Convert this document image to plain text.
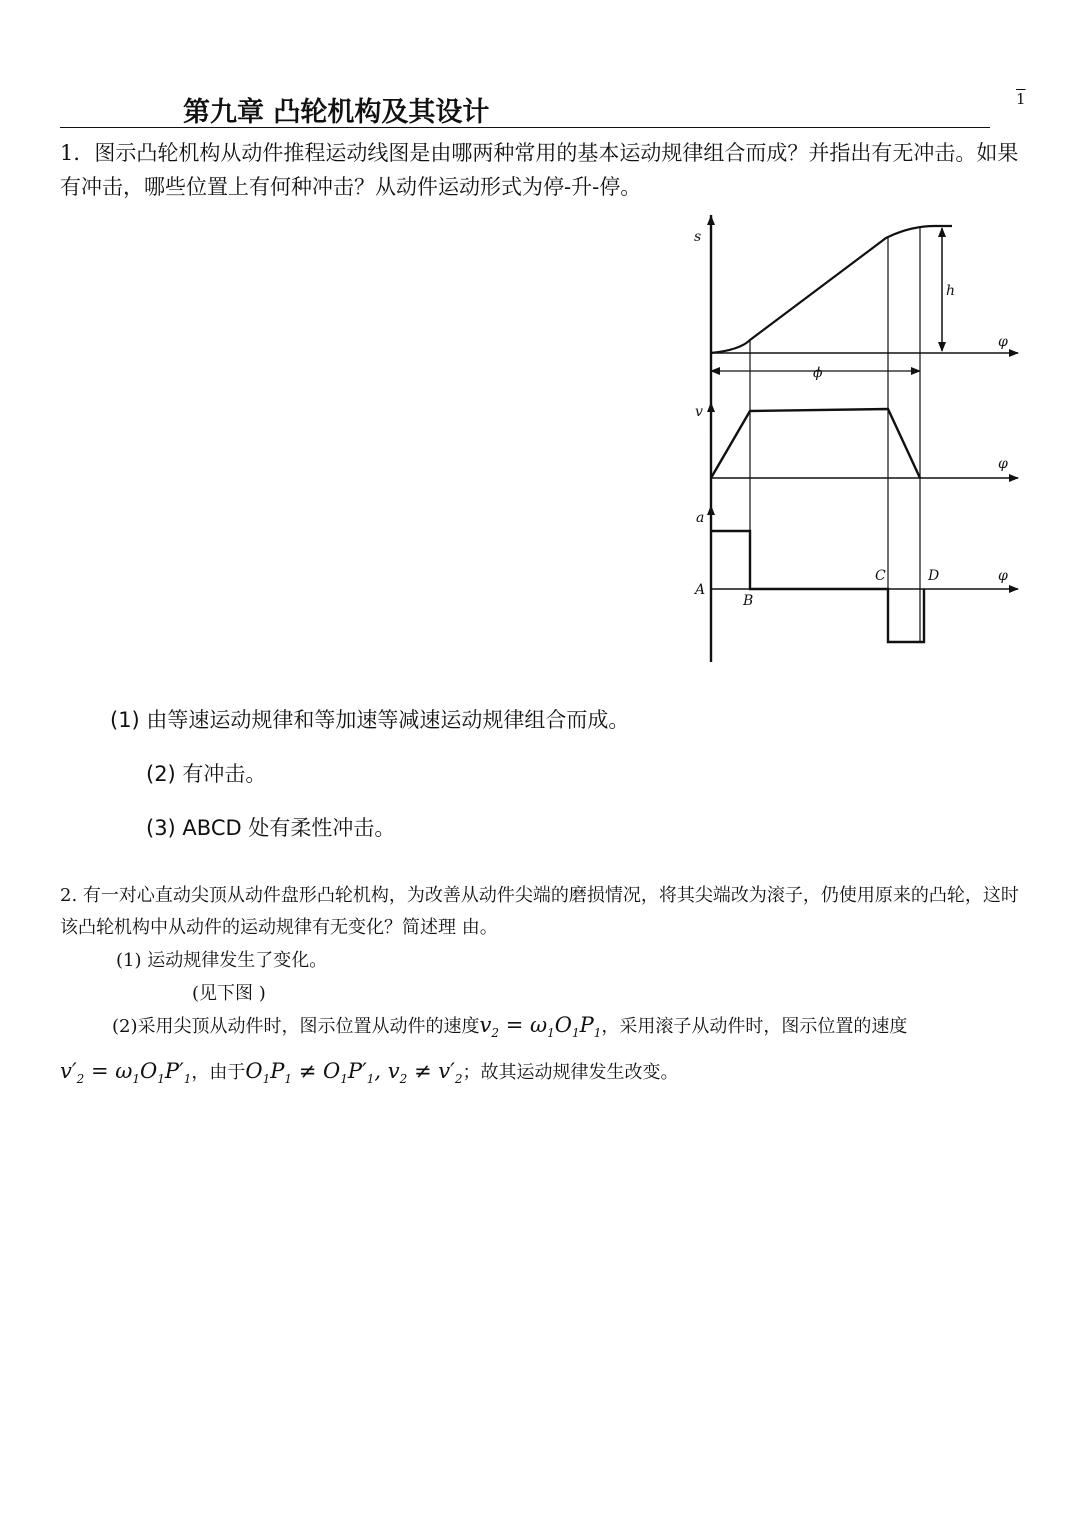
第九章 凸轮机构及其设计	1
1．图示凸轮机构从动件推程运动线图是由哪两种常用的基本运动规律组合而成？并指出有无冲击。如果有冲击，哪些位置上有何种冲击？从动件运动形式为停-升-停。
s
h
φ
ϕ
v
φ
a
C	D	φ
A
B
(1) 由等速运动规律和等加速等减速运动规律组合而成。
(2) 有冲击。
(3) ABCD 处有柔性冲击。
2. 有一对心直动尖顶从动件盘形凸轮机构，为改善从动件尖端的磨损情况，将其尖端改为滚子，仍使用原来的凸轮，这时该凸轮机构中从动件的运动规律有无变化？简述理 由。
(1) 运动规律发生了变化。
(见下图 )
(2)采用尖顶从动件时，图示位置从动件的速度$v_2 = \omega_1O_1P_1$，采用滚子从动件时，图示位置的速度
$v'_2 = \omega_1O_1P'_1$，由于$O_1P_1 \ne O_1P'_1$, $v_2 \ne v'_2$；故其运动规律发生改变。
